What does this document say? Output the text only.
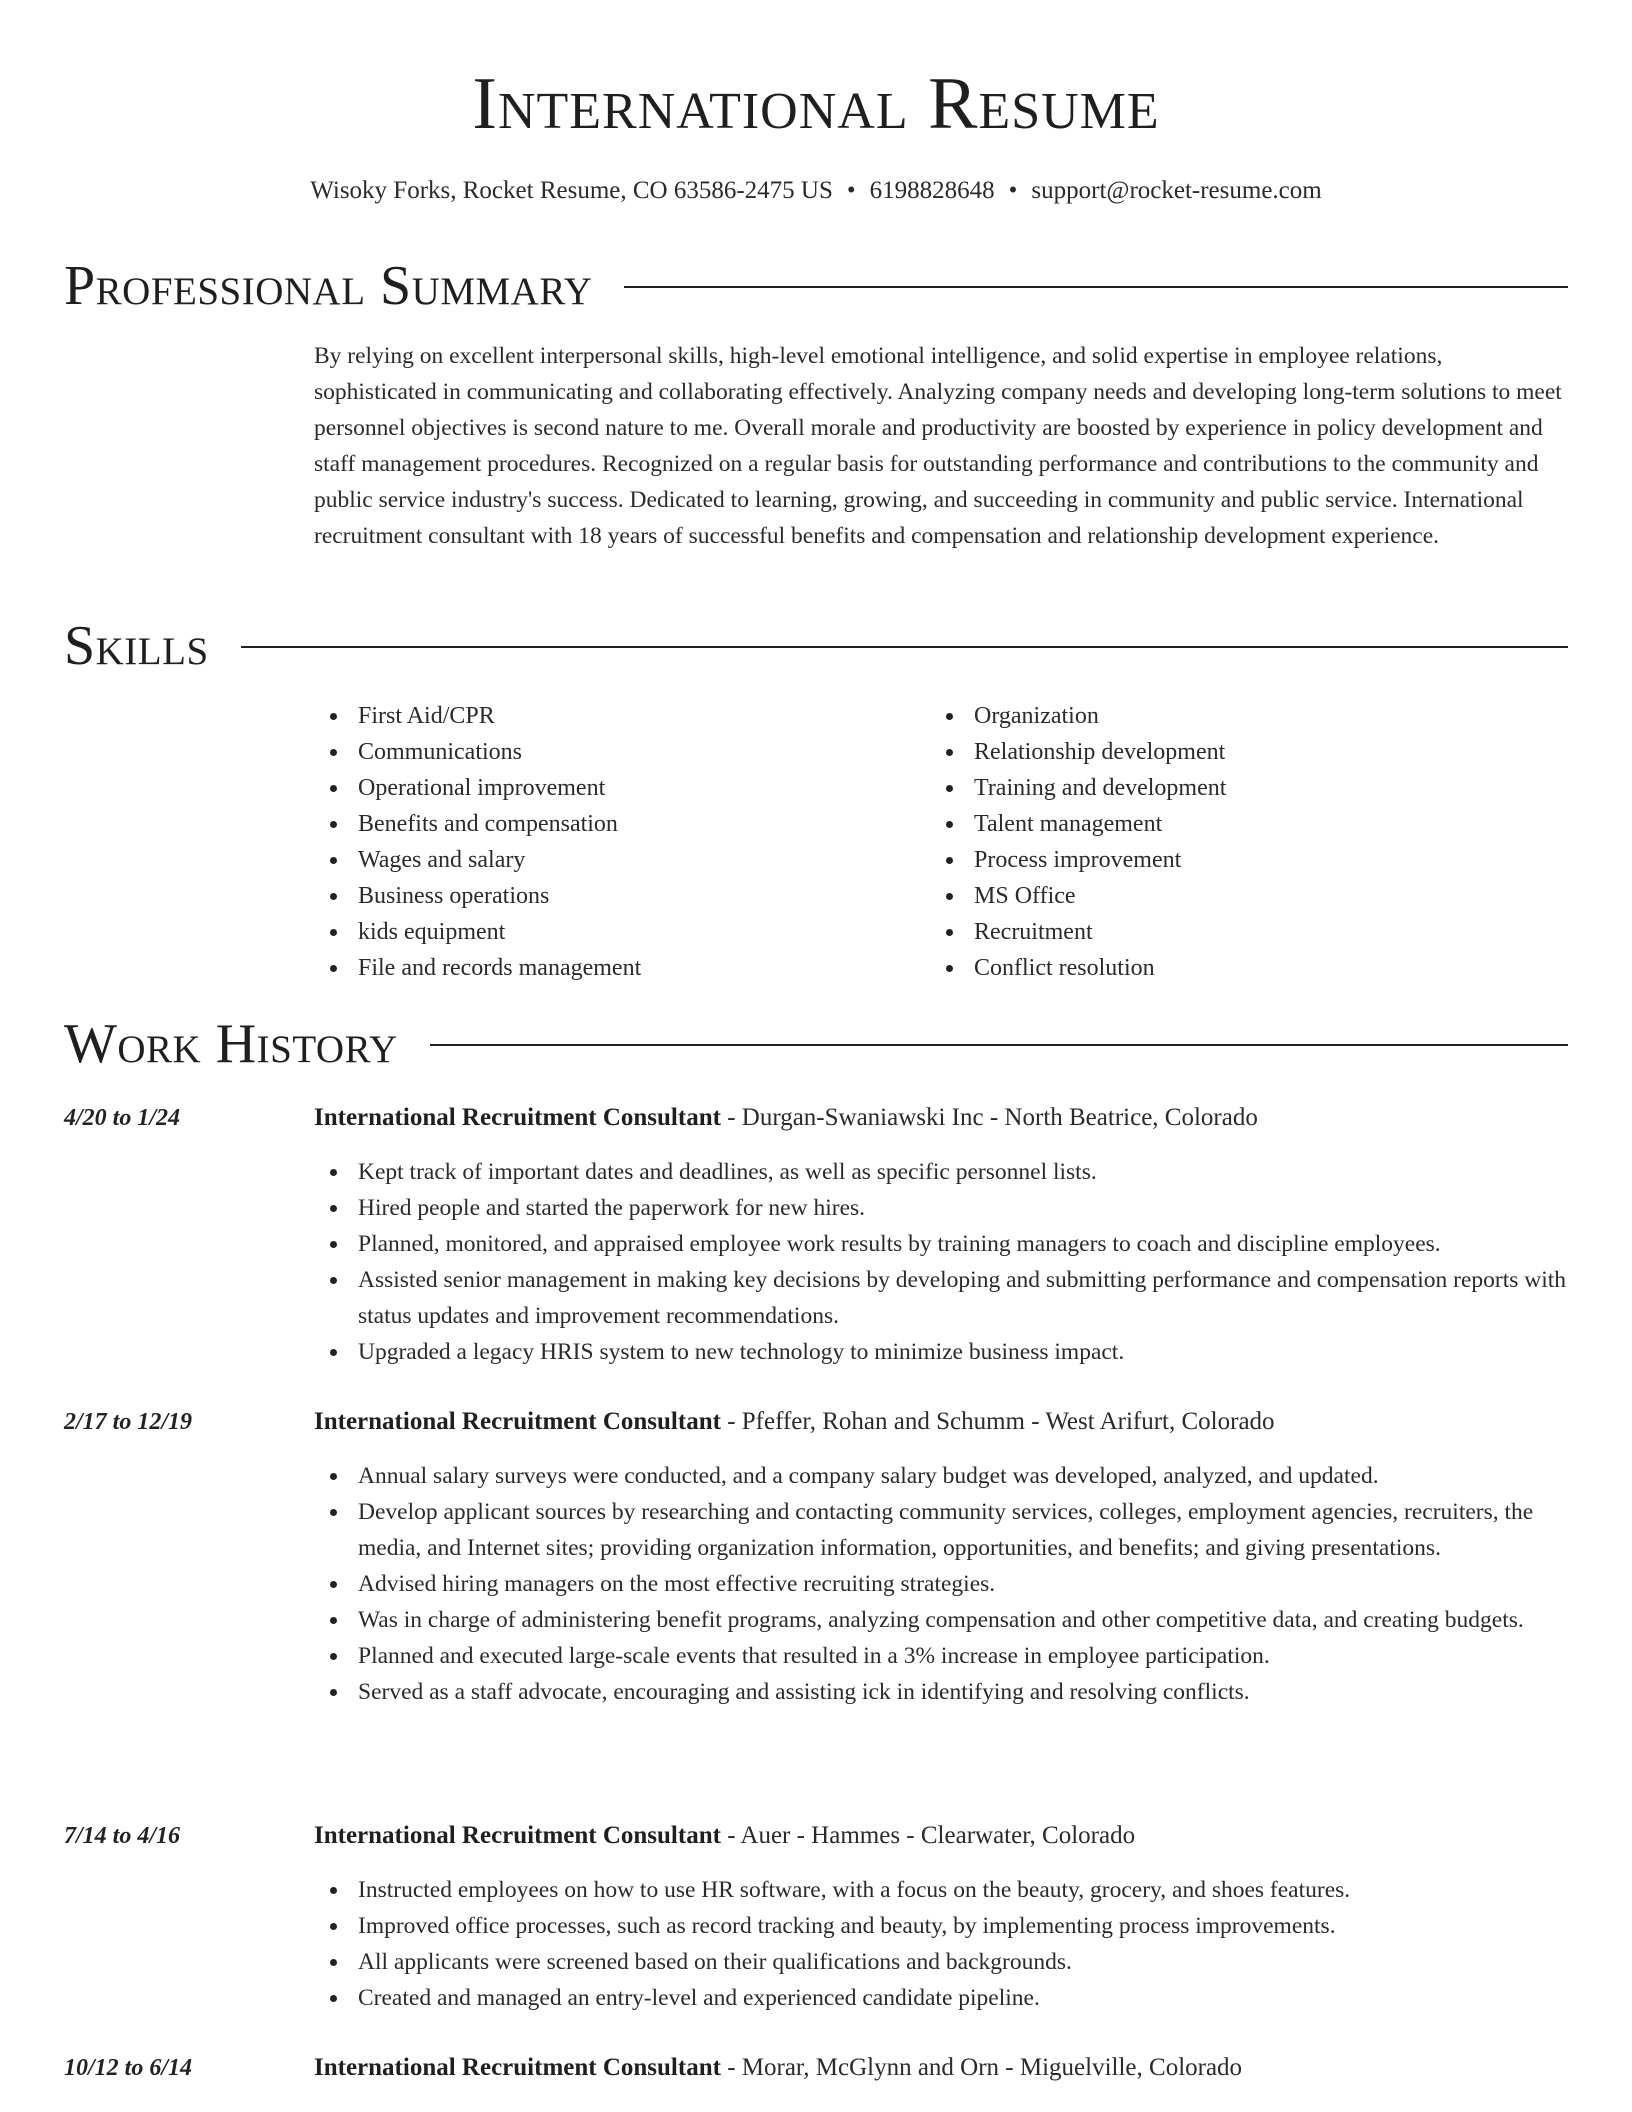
International Resume
Wisoky Forks, Rocket Resume, CO 63586-2475 US • 6198828648 • support@rocket-resume.com
Professional Summary

By relying on excellent interpersonal skills, high-level emotional intelligence, and solid expertise in employee relations, sophisticated in communicating and collaborating effectively. Analyzing company needs and developing long-term solutions to meet personnel objectives is second nature to me. Overall morale and productivity are boosted by experience in policy development and staff management procedures. Recognized on a regular basis for outstanding performance and contributions to the community and public service industry's success. Dedicated to learning, growing, and succeeding in community and public service. International recruitment consultant with 18 years of successful benefits and compensation and relationship development experience.

Skills
First Aid/CPR
Communications
Operational improvement
Benefits and compensation
Wages and salary
Business operations
kids equipment
File and records management
Organization
Relationship development
Training and development
Talent management
Process improvement
MS Office
Recruitment
Conflict resolution
Work History
4/20 to 1/24	International Recruitment Consultant - Durgan-Swaniawski Inc - North Beatrice, Colorado
Kept track of important dates and deadlines, as well as specific personnel lists.
Hired people and started the paperwork for new hires.
Planned, monitored, and appraised employee work results by training managers to coach and discipline employees.
Assisted senior management in making key decisions by developing and submitting performance and compensation reports with status updates and improvement recommendations.
Upgraded a legacy HRIS system to new technology to minimize business impact.
2/17 to 12/19	International Recruitment Consultant - Pfeffer, Rohan and Schumm - West Arifurt, Colorado
Annual salary surveys were conducted, and a company salary budget was developed, analyzed, and updated.
Develop applicant sources by researching and contacting community services, colleges, employment agencies, recruiters, the media, and Internet sites; providing organization information, opportunities, and benefits; and giving presentations.
Advised hiring managers on the most effective recruiting strategies.
Was in charge of administering benefit programs, analyzing compensation and other competitive data, and creating budgets.
Planned and executed large-scale events that resulted in a 3% increase in employee participation.
Served as a staff advocate, encouraging and assisting ick in identifying and resolving conflicts.
7/14 to 4/16	International Recruitment Consultant - Auer - Hammes - Clearwater, Colorado
Instructed employees on how to use HR software, with a focus on the beauty, grocery, and shoes features.
Improved office processes, such as record tracking and beauty, by implementing process improvements.
All applicants were screened based on their qualifications and backgrounds.
Created and managed an entry-level and experienced candidate pipeline.
10/12 to 6/14	International Recruitment Consultant - Morar, McGlynn and Orn - Miguelville, Colorado
